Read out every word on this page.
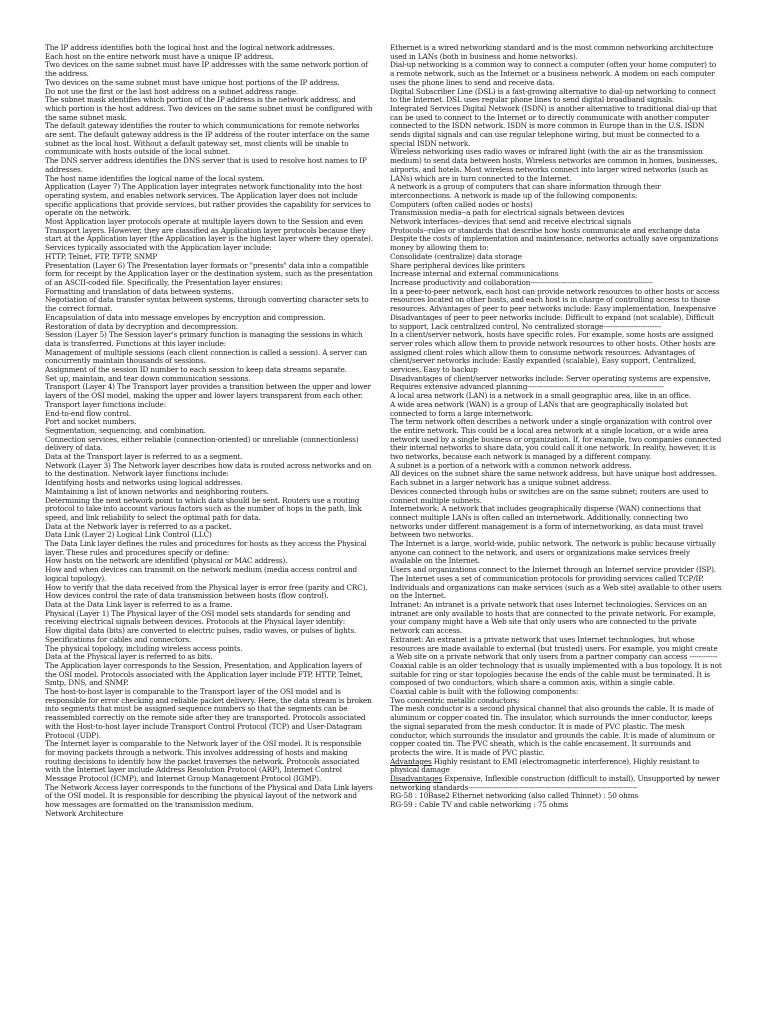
The IP address identifies both the logical host and the logical network addresses.
Each host on the entire network must have a unique IP address.
Two devices on the same subnet must have IP addresses with the same network portion of the address.
Two devices on the same subnet must have unique host portions of the IP address.
Do not use the first or the last host address on a subnet address range.
The subnet mask identifies which portion of the IP address is the network address, and which portion is the host address. Two devices on the same subnet must be configured with the same subnet mask.
The default gateway identifies the router to which communications for remote networks are sent. The default gateway address is the IP address of the router interface on the same subnet as the local host. Without a default gateway set, most clients will be unable to communicate with hosts outside of the local subnet.
The DNS server address identifies the DNS server that is used to resolve host names to IP addresses.
The host name identifies the logical name of the local system.
Application (Layer 7) The Application layer integrates network functionality into the host operating system, and enables network services. The Application layer does not include specific applications that provide services, but rather provides the capability for services to operate on the network.
Most Application layer protocols operate at multiple layers down to the Session and even Transport layers. However, they are classified as Application layer protocols because they start at the Application layer (the Application layer is the highest layer where they operate).
Services typically associated with the Application layer include:
HTTP, Telnet, FTP, TFTP, SNMP
Presentation (Layer 6) The Presentation layer formats or "presents" data into a compatible form for receipt by the Application layer or the destination system, such as the presentation of an ASCII-coded file. Specifically, the Presentation layer ensures:
Formatting and translation of data between systems.
Negotiation of data transfer syntax between systems, through converting character sets to the correct format.
Encapsulation of data into message envelopes by encryption and compression.
Restoration of data by decryption and decompression.
Session (Layer 5) The Session layer's primary function is managing the sessions in which data is transferred. Functions at this layer include:
Management of multiple sessions (each client connection is called a session). A server can concurrently maintain thousands of sessions.
Assignment of the session ID number to each session to keep data streams separate.
Set up, maintain, and tear down communication sessions.
Transport (Layer 4) The Transport layer provides a transition between the upper and lower layers of the OSI model, making the upper and lower layers transparent from each other.
Transport layer functions include:
End-to-end flow control.
Port and socket numbers.
Segmentation, sequencing, and combination.
Connection services, either reliable (connection-oriented) or unreliable (connectionless) delivery of data.
Data at the Transport layer is referred to as a segment.
Network (Layer 3) The Network layer describes how data is routed across networks and on to the destination. Network layer functions include:
Identifying hosts and networks using logical addresses.
Maintaining a list of known networks and neighboring routers.
Determining the next network point to which data should be sent. Routers use a routing protocol to take into account various factors such as the number of hops in the path, link speed, and link reliability to select the optimal path for data.
Data at the Network layer is referred to as a packet.
Data Link (Layer 2) Logical Link Control (LLC)
The Data Link layer defines the rules and procedures for hosts as they access the Physical layer. These rules and procedures specify or define:
How hosts on the network are identified (physical or MAC address).
How and when devices can transmit on the network medium (media access control and logical topology).
How to verify that the data received from the Physical layer is error free (parity and CRC).
How devices control the rate of data transmission between hosts (flow control).
Data at the Data Link layer is referred to as a frame.
Physical (Layer 1) The Physical layer of the OSI model sets standards for sending and receiving electrical signals between devices. Protocols at the Physical layer identify:
How digital data (bits) are converted to electric pulses, radio waves, or pulses of lights.
Specifications for cables and connectors.
The physical topology, including wireless access points.
Data at the Physical layer is referred to as bits.
The Application layer corresponds to the Session, Presentation, and Application layers of the OSI model. Protocols associated with the Application layer include FTP, HTTP, Telnet, Smtp, DNS, and SNMP.
The host-to-host layer is comparable to the Transport layer of the OSI model and is responsible for error checking and reliable packet delivery. Here, the data stream is broken into segments that must be assigned sequence numbers so that the segments can be reassembled correctly on the remote side after they are transported. Protocols associated with the Host-to-host layer include Transport Control Protocol (TCP) and User-Datagram Protocol (UDP).
The Internet layer is comparable to the Network layer of the OSI model. It is responsible for moving packets through a network. This involves addressing of hosts and making routing decisions to identify how the packet traverses the network. Protocols associated with the Internet layer include Address Resolution Protocol (ARP), Internet Control Message Protocol (ICMP), and Internet Group Management Protocol (IGMP).
The Network Access layer corresponds to the functions of the Physical and Data Link layers of the OSI model. It is responsible for describing the physical layout of the network and how messages are formatted on the transmission medium.
Network Architecture
Ethernet is a wired networking standard and is the most common networking architecture used in LANs (both in business and home networks).
Dial-up networking is a common way to connect a computer (often your home computer) to a remote network, such as the Internet or a business network. A modem on each computer uses the phone lines to send and receive data.
Digital Subscriber Line (DSL) is a fast-growing alternative to dial-up networking to connect to the Internet. DSL uses regular phone lines to send digital broadband signals.
Integrated Services Digital Network (ISDN) is another alternative to traditional dial-up that can be used to connect to the Internet or to directly communicate with another computer connected to the ISDN network. ISDN is more common in Europe than in the U.S. ISDN sends digital signals and can use regular telephone wiring, but must be connected to a special ISDN network.
Wireless networking uses radio waves or infrared light (with the air as the transmission medium) to send data between hosts. Wireless networks are common in homes, businesses, airports, and hotels. Most wireless networks connect into larger wired networks (such as LANs) which are in turn connected to the Internet.
A network is a group of computers that can share information through their interconnections. A network is made up of the following components:
Computers (often called nodes or hosts)
Transmission media--a path for electrical signals between devices
Network interfaces--devices that send and receive electrical signals
Protocols--rules or standards that describe how hosts communicate and exchange data
Despite the costs of implementation and maintenance, networks actually save organizations money by allowing them to:
Consolidate (centralize) data storage
Share peripheral devices like printers
Increase internal and external communications
Increase productivity and collaboration-----------------------------------------------------
In a peer-to-peer network, each host can provide network resources to other hosts or access resources located on other hosts, and each host is in charge of controlling access to those resources. Advantages of peer to peer networks include: Easy implementation, Inexpensive
Disadvantages of peer to peer networks include: Difficult to expand (not scalable), Difficult to support, Lack centralized control, No centralized storage-------------------------
In a client/server network, hosts have specific roles. For example, some hosts are assigned server roles which allow them to provide network resources to other hosts. Other hosts are assigned client roles which allow them to consume network resources. Advantages of client/server networks include: Easily expanded (scalable), Easy support, Centralized, services, Easy to backup
Disadvantages of client/server networks include: Server operating systems are expensive, Requires extensive advanced planning-----------------------------------------------------------
A local area network (LAN) is a network in a small geographic area, like in an office.
A wide area network (WAN) is a group of LANs that are geographically isolated but connected to form a large internetwork.
The term network often describes a network under a single organization with control over the entire network. This could be a local area network at a single location, or a wide area network used by a single business or organization. If, for example, two companies connected their internal networks to share data, you could call it one network. In reality, however, it is two networks, because each network is managed by a different company.
A subnet is a portion of a network with a common network address.
All devices on the subnet share the same network address, but have unique host addresses.
Each subnet in a larger network has a unique subnet address.
Devices connected through hubs or switches are on the same subnet; routers are used to connect multiple subnets.
Internetwork: A network that includes geographically disperse (WAN) connections that connect multiple LANs is often called an internetwork. Additionally, connecting two networks under different management is a form of internetworking, as data must travel between two networks.
The Internet is a large, world-wide, public network. The network is public because virtually anyone can connect to the network, and users or organizations make services freely available on the Internet.
Users and organizations connect to the Internet through an Internet service provider (ISP).
The Internet uses a set of communication protocols for providing services called TCP/IP.
Individuals and organizations can make services (such as a Web site) available to other users on the Internet.
Intranet: An intranet is a private network that uses Internet technologies. Services on an intranet are only available to hosts that are connected to the private network. For example, your company might have a Web site that only users who are connected to the private network can access.
Extranet: An extranet is a private network that uses Internet technologies, but whose resources are made available to external (but trusted) users. For example, you might create a Web site on a private network that only users from a partner company can access ------------
Coaxial cable is an older technology that is usually implemented with a bus topology. It is not suitable for ring or star topologies because the ends of the cable must be terminated. It is composed of two conductors, which share a common axis, within a single cable.
Coaxial cable is built with the following components:
Two concentric metallic conductors:
The mesh conductor is a second physical channel that also grounds the cable. It is made of aluminum or copper coated tin. The insulator, which surrounds the inner conductor, keeps the signal separated from the mesh conductor. It is made of PVC plastic. The mesh conductor, which surrounds the insulator and grounds the cable. It is made of aluminum or copper coated tin. The PVC sheath, which is the cable encasement. It surrounds and protects the wire. It is made of PVC plastic.
Advantages Highly resistant to EMI (electromagnetic interference), Highly resistant to physical damage
Disadvantages Expensive, Inflexible construction (difficult to install), Unsupported by newer networking standards-------------------------------------------------------------------------
RG-58 : 10Base2 Ethernet networking (also called Thinnet) : 50 ohms
RG-59 : Cable TV and cable networking : 75 ohms
